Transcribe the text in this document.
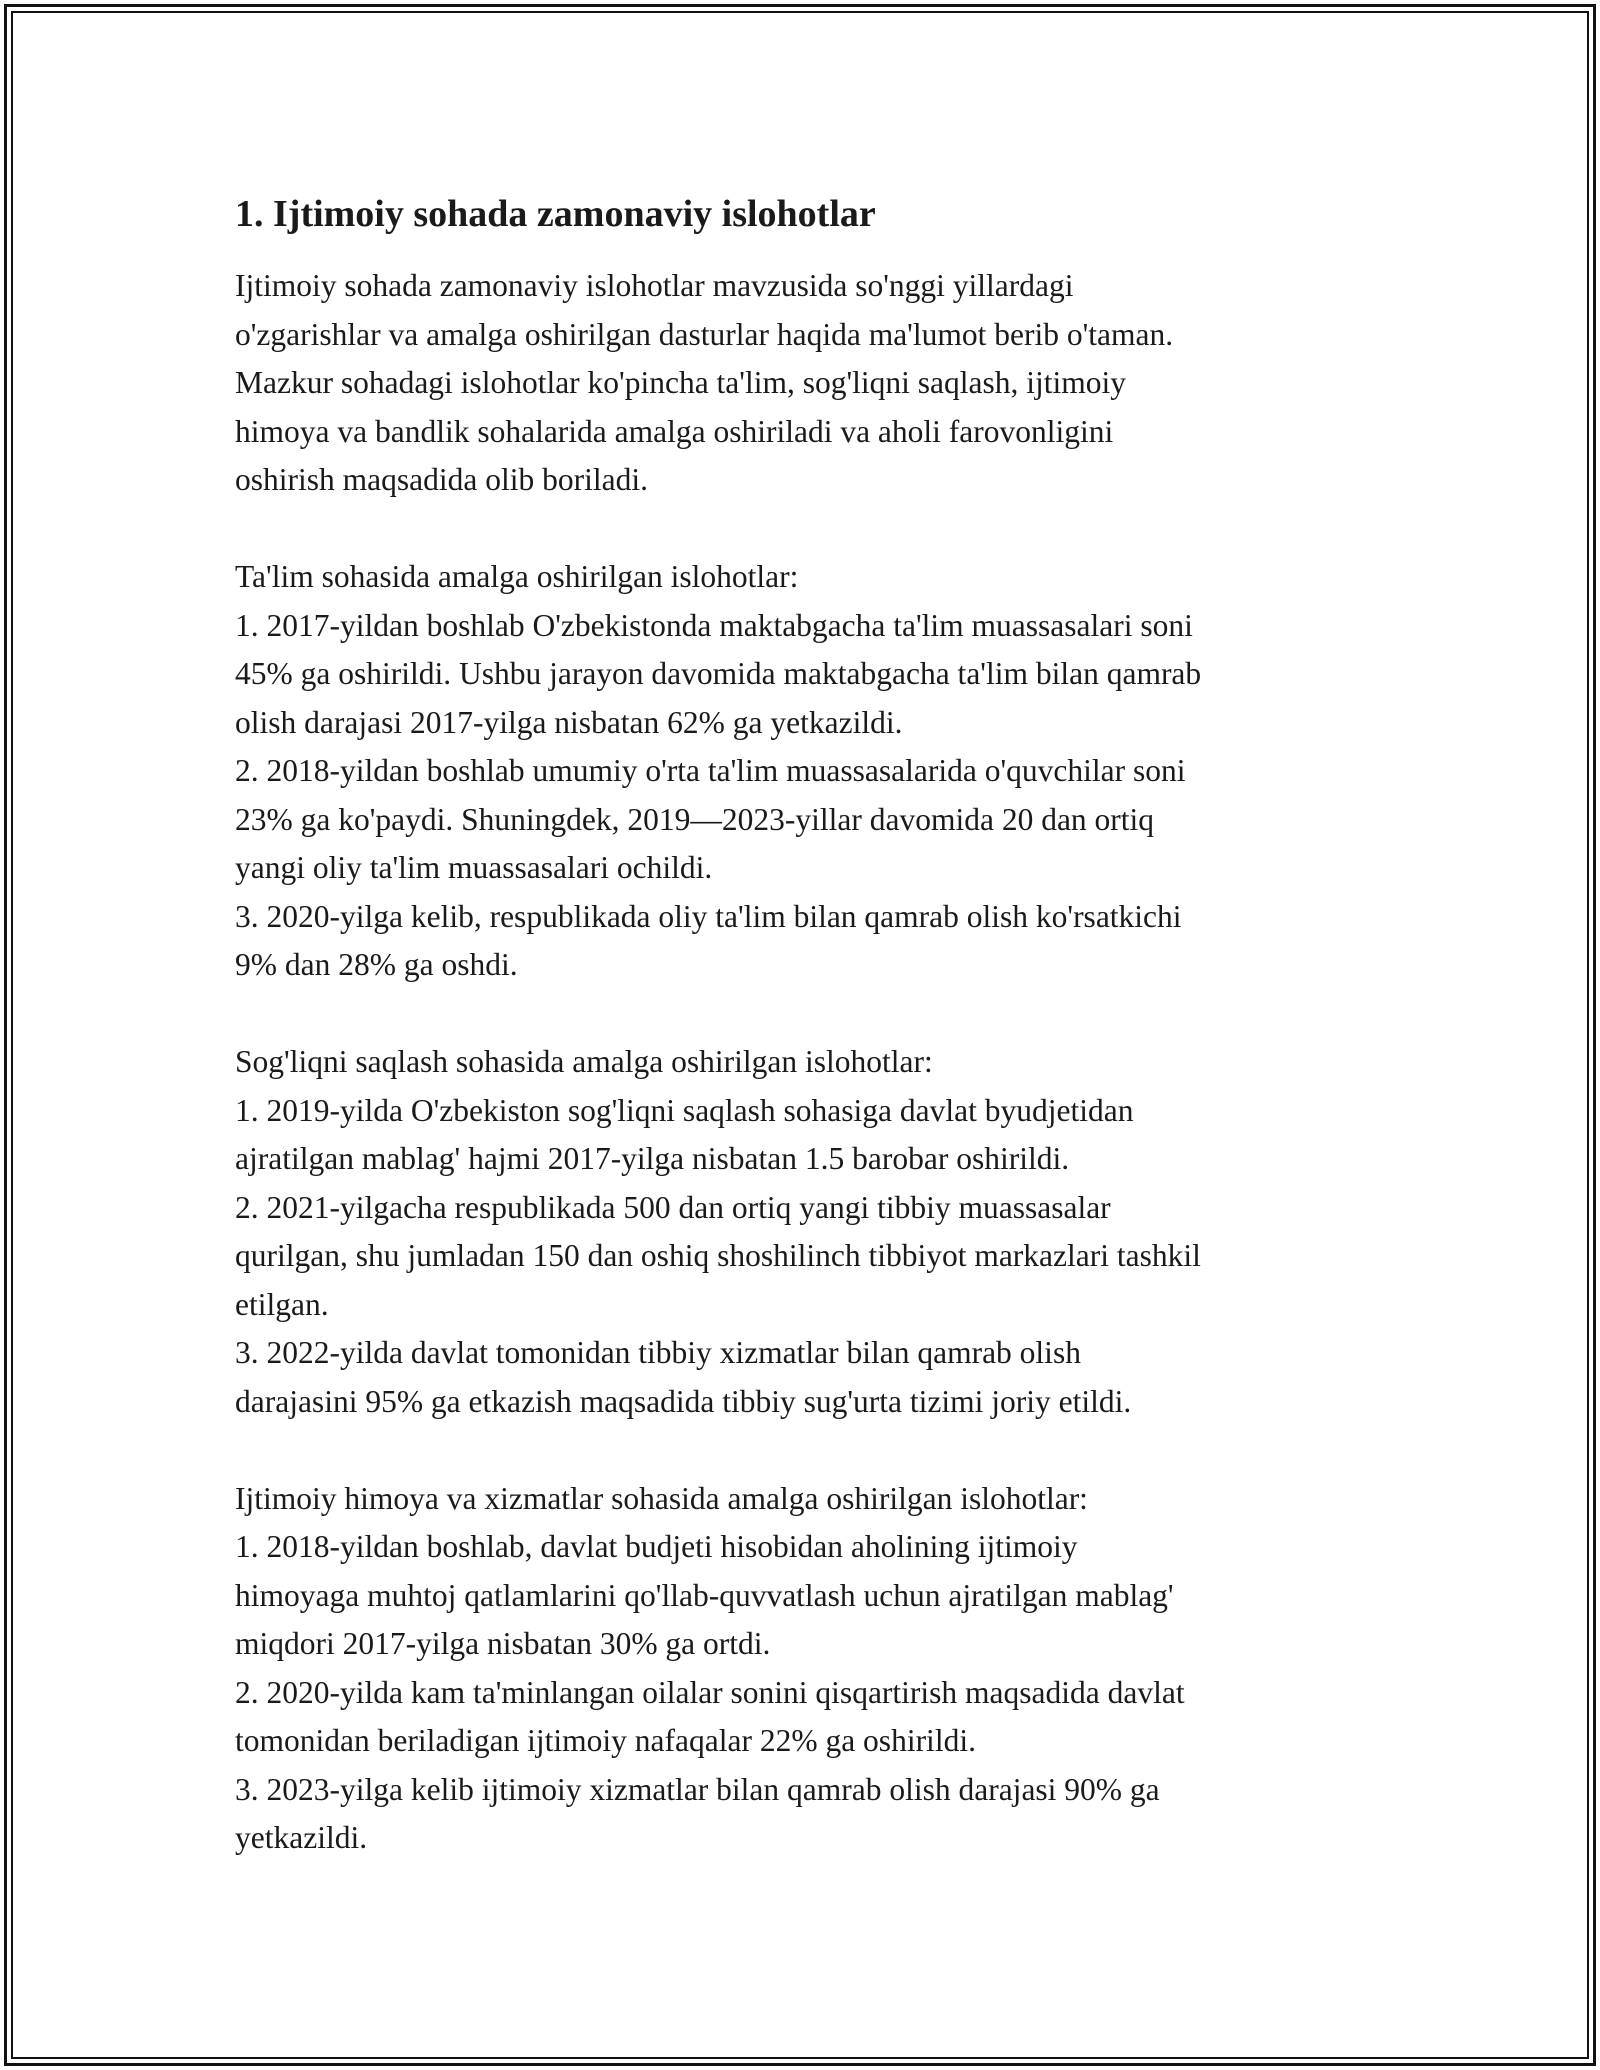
1. Ijtimoiy sohada zamonaviy islohotlar
Ijtimoiy sohada zamonaviy islohotlar mavzusida so'nggi yillardagi
o'zgarishlar va amalga oshirilgan dasturlar haqida ma'lumot berib o'taman.
Mazkur sohadagi islohotlar ko'pincha ta'lim, sog'liqni saqlash, ijtimoiy
himoya va bandlik sohalarida amalga oshiriladi va aholi farovonligini
oshirish maqsadida olib boriladi.
Ta'lim sohasida amalga oshirilgan islohotlar:
1. 2017-yildan boshlab O'zbekistonda maktabgacha ta'lim muassasalari soni
45% ga oshirildi. Ushbu jarayon davomida maktabgacha ta'lim bilan qamrab
olish darajasi 2017-yilga nisbatan 62% ga yetkazildi.
2. 2018-yildan boshlab umumiy o'rta ta'lim muassasalarida o'quvchilar soni
23% ga ko'paydi. Shuningdek, 2019—2023-yillar davomida 20 dan ortiq
yangi oliy ta'lim muassasalari ochildi.
3. 2020-yilga kelib, respublikada oliy ta'lim bilan qamrab olish ko'rsatkichi
9% dan 28% ga oshdi.
Sog'liqni saqlash sohasida amalga oshirilgan islohotlar:
1. 2019-yilda O'zbekiston sog'liqni saqlash sohasiga davlat byudjetidan
ajratilgan mablag' hajmi 2017-yilga nisbatan 1.5 barobar oshirildi.
2. 2021-yilgacha respublikada 500 dan ortiq yangi tibbiy muassasalar
qurilgan, shu jumladan 150 dan oshiq shoshilinch tibbiyot markazlari tashkil
etilgan.
3. 2022-yilda davlat tomonidan tibbiy xizmatlar bilan qamrab olish
darajasini 95% ga etkazish maqsadida tibbiy sug'urta tizimi joriy etildi.
Ijtimoiy himoya va xizmatlar sohasida amalga oshirilgan islohotlar:
1. 2018-yildan boshlab, davlat budjeti hisobidan aholining ijtimoiy
himoyaga muhtoj qatlamlarini qo'llab-quvvatlash uchun ajratilgan mablag'
miqdori 2017-yilga nisbatan 30% ga ortdi.
2. 2020-yilda kam ta'minlangan oilalar sonini qisqartirish maqsadida davlat
tomonidan beriladigan ijtimoiy nafaqalar 22% ga oshirildi.
3. 2023-yilga kelib ijtimoiy xizmatlar bilan qamrab olish darajasi 90% ga
yetkazildi.
